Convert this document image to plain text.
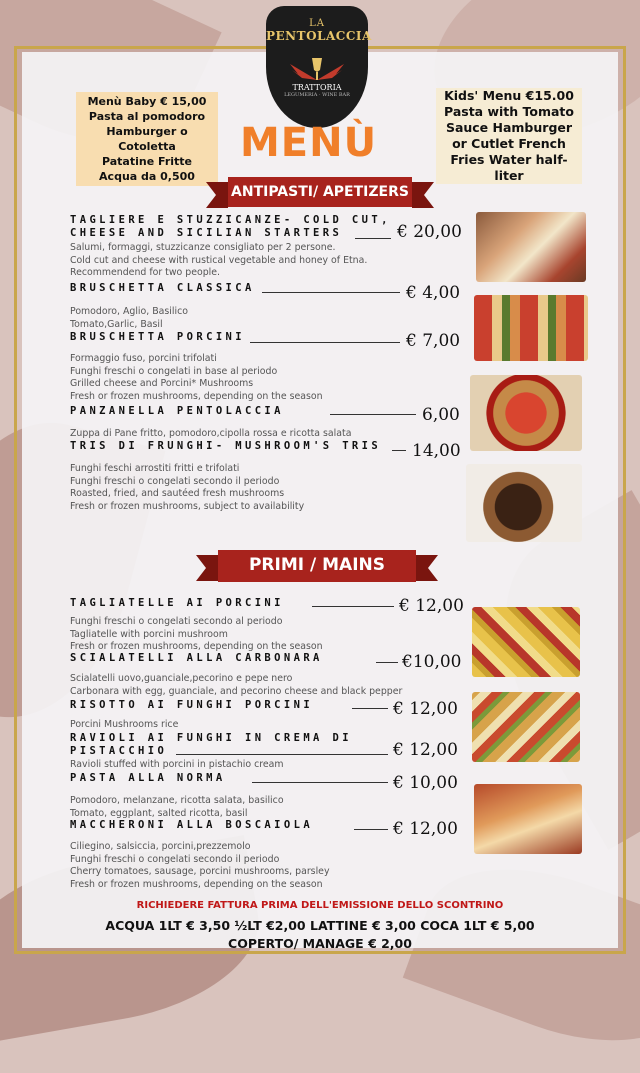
LA
PENTOLACCIA
TRATTORIA
LEGUMERIA · WINE BAR
Menù Baby € 15,00
Pasta al pomodoro
Hamburger o Cotoletta
Patatine Fritte
Acqua da 0,500
Kids' Menu €15.00
Pasta with Tomato
Sauce Hamburger
or Cutlet French
Fries Water half-liter
MENÙ
ANTIPASTI/ APETIZERS
TAGLIERE E STUZZICANZE- COLD CUT, CHEESE AND SICILIAN STARTERS	€ 20,00
Salumi, formaggi, stuzzicanze consigliato per 2 persone.
Cold cut and cheese with rustical vegetable and honey of Etna.
Recommendend for two people.
BRUSCHETTA CLASSICA	€ 4,00
Pomodoro, Aglio, Basilico
Tomato,Garlic, Basil
BRUSCHETTA PORCINI	€ 7,00
Formaggio fuso, porcini trifolati
Funghi freschi o congelati in base al periodo
Grilled cheese and Porcini* Mushrooms
Fresh or frozen mushrooms, depending on the season
PANZANELLA PENTOLACCIA	6,00
Zuppa di Pane fritto, pomodoro,cipolla rossa e ricotta salata
TRIS DI FRUNGHI- MUSHROOM'S TRIS 14,00
Funghi feschi arrostiti fritti e trifolati
Funghi freschi o congelati secondo il periodo
Roasted, fried, and sautéed fresh mushrooms
Fresh or frozen mushrooms, subject to availability
PRIMI / MAINS
TAGLIATELLE AI PORCINI	€ 12,00
Funghi freschi o congelati secondo al periodo
Tagliatelle with porcini mushroom
Fresh or frozen mushrooms, depending on the season
SCIALATELLI ALLA CARBONARA	€10,00
Scialatelli uovo,guanciale,pecorino e pepe nero
Carbonara with egg, guanciale, and pecorino cheese and black pepper
RISOTTO AI FUNGHI PORCINI	€ 12,00
Porcini Mushrooms rice
RAVIOLI AI FUNGHI IN CREMA DI PISTACCHIO	€ 12,00
Ravioli stuffed with porcini in pistachio cream
PASTA ALLA NORMA	€ 10,00
Pomodoro, melanzane, ricotta salata, basilico
Tomato, eggplant, salted ricotta, basil
MACCHERONI ALLA BOSCAIOLA	€ 12,00
Ciliegino, salsiccia, porcini,prezzemolo
Funghi freschi o congelati secondo il periodo
Cherry tomatoes, sausage, porcini mushrooms, parsley
Fresh or frozen mushrooms, depending on the season
RICHIEDERE FATTURA PRIMA DELL'EMISSIONE DELLO SCONTRINO
ACQUA 1LT € 3,50 ½LT €2,00 LATTINE € 3,00 COCA 1LT € 5,00
COPERTO/ MANAGE € 2,00
